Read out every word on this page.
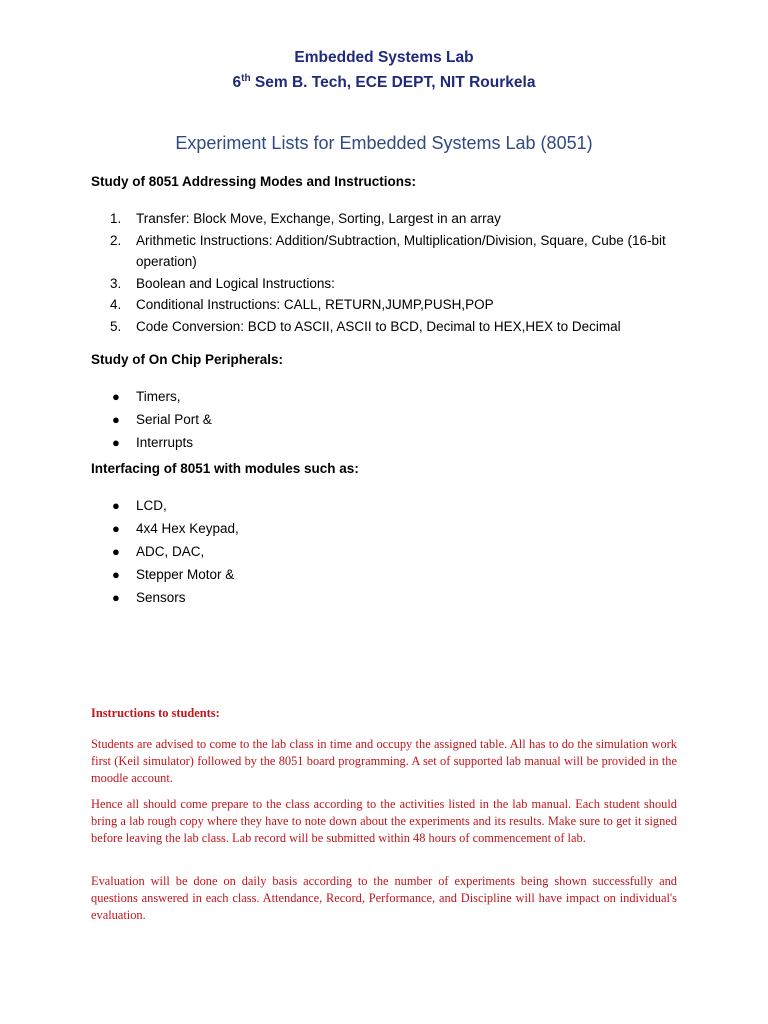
Embedded Systems Lab
6th Sem B. Tech, ECE DEPT, NIT Rourkela
Experiment Lists for Embedded Systems Lab (8051)
Study of 8051 Addressing Modes and Instructions:
1. Transfer: Block Move, Exchange, Sorting, Largest in an array
2. Arithmetic Instructions: Addition/Subtraction, Multiplication/Division, Square, Cube (16-bit operation)
3. Boolean and Logical Instructions:
4. Conditional Instructions: CALL, RETURN,JUMP,PUSH,POP
5. Code Conversion: BCD to ASCII, ASCII to BCD, Decimal to HEX,HEX to Decimal
Study of On Chip Peripherals:
● Timers,
● Serial Port &
● Interrupts
Interfacing of 8051 with modules such as:
● LCD,
● 4x4 Hex Keypad,
● ADC, DAC,
● Stepper Motor &
● Sensors
Instructions to students:

Students are advised to come to the lab class in time and occupy the assigned table. All has to do the simulation work first (Keil simulator) followed by the 8051 board programming. A set of supported lab manual will be provided in the moodle account.

Hence all should come prepare to the class according to the activities listed in the lab manual. Each student should bring a lab rough copy where they have to note down about the experiments and its results. Make sure to get it signed before leaving the lab class. Lab record will be submitted within 48 hours of commencement of lab.

Evaluation will be done on daily basis according to the number of experiments being shown successfully and questions answered in each class. Attendance, Record, Performance, and Discipline will have impact on individual's evaluation.
